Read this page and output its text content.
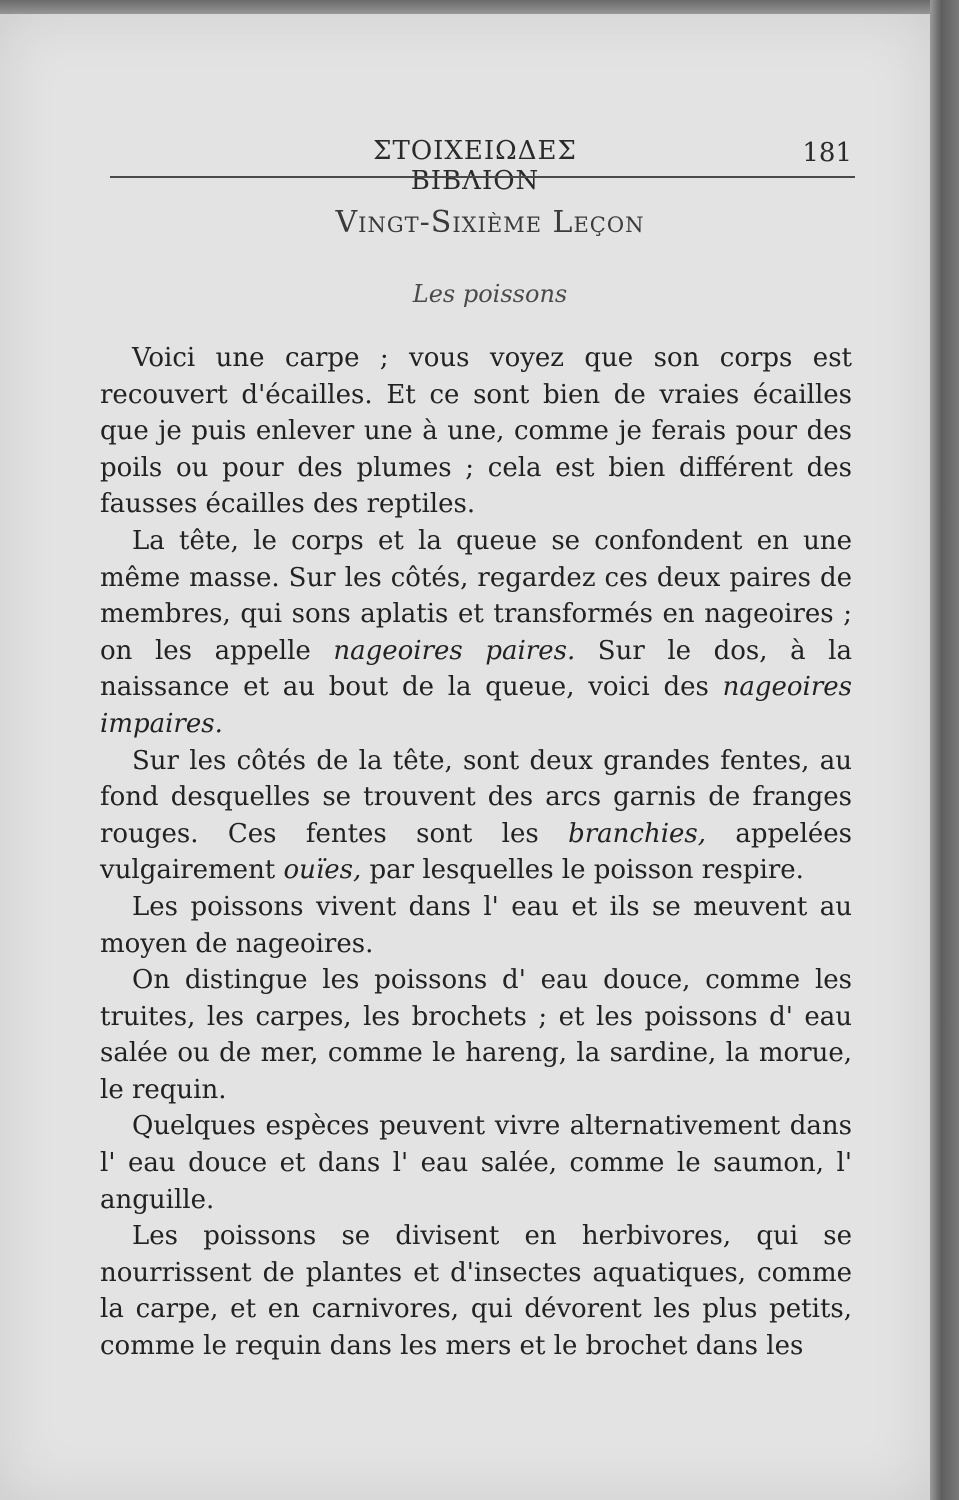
ΣΤΟΙΧΕΙΩΔΕΣ ΒΙΒΛΙΟΝ
181
Vingt-Sixième Leçon
Les poissons

Voici une carpe ; vous voyez que son corps est recouvert d'écailles. Et ce sont bien de vraies écailles que je puis enlever une à une, comme je ferais pour des poils ou pour des plumes ; cela est bien différent des fausses écailles des reptiles.

La tête, le corps et la queue se confondent en une même masse. Sur les côtés, regardez ces deux paires de membres, qui sons aplatis et transformés en nageoires ; on les appelle nageoires paires. Sur le dos, à la naissance et au bout de la queue, voici des nageoires impaires.

Sur les côtés de la tête, sont deux grandes fentes, au fond desquelles se trouvent des arcs garnis de franges rouges. Ces fentes sont les branchies, appelées vulgairement ouïes, par lesquelles le poisson respire.

Les poissons vivent dans l' eau et ils se meuvent au moyen de nageoires.

On distingue les poissons d' eau douce, comme les truites, les carpes, les brochets ; et les poissons d' eau salée ou de mer, comme le hareng, la sardine, la morue, le requin.

Quelques espèces peuvent vivre alternativement dans l' eau douce et dans l' eau salée, comme le saumon, l' anguille.

Les poissons se divisent en herbivores, qui se nourrissent de plantes et d'insectes aquatiques, comme la carpe, et en carnivores, qui dévorent les plus petits, comme le requin dans les mers et le brochet dans les
